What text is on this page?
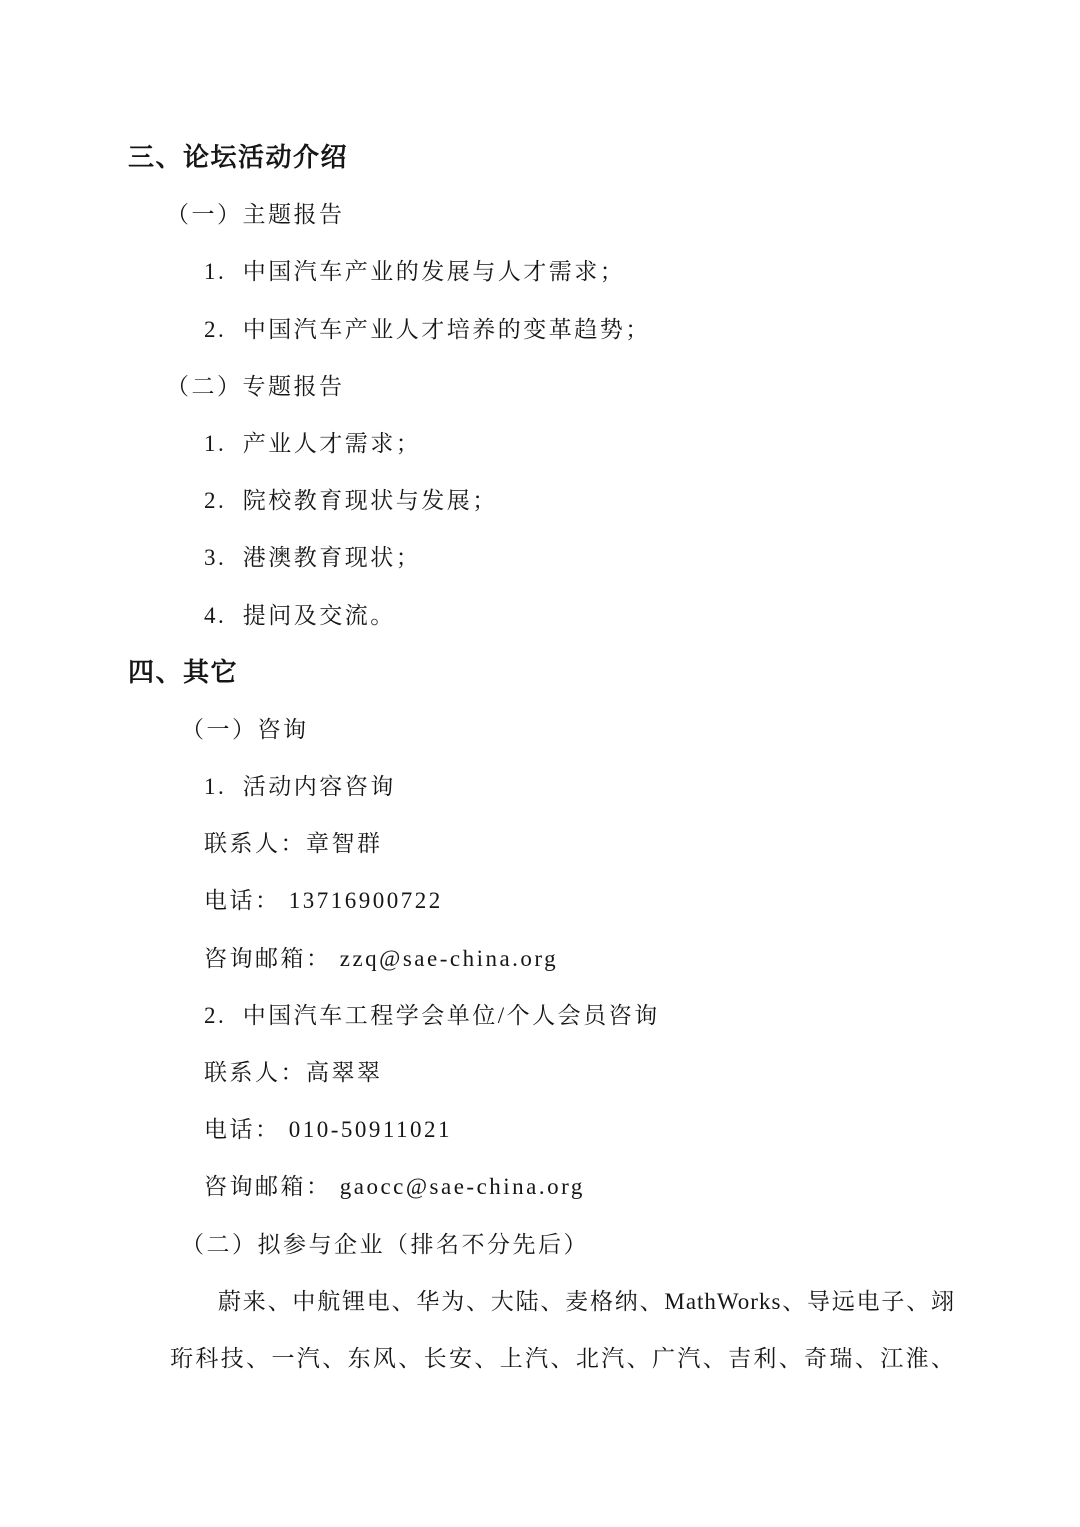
三、论坛活动介绍
（一）主题报告
1.  中国汽车产业的发展与人才需求；
2.  中国汽车产业人才培养的变革趋势；
（二）专题报告
1.  产业人才需求；
2.  院校教育现状与发展；
3.  港澳教育现状；
4.  提问及交流。
四、其它
（一）咨询
1.  活动内容咨询
联系人：章智群
电话： 13716900722
咨询邮箱： zzq@sae-china.org
2.  中国汽车工程学会单位/个人会员咨询
联系人：高翠翠
电话： 010-50911021
咨询邮箱： gaocc@sae-china.org
（二）拟参与企业（排名不分先后）
蔚来、中航锂电、华为、大陆、麦格纳、MathWorks、导远电子、翊
珩科技、一汽、东风、长安、上汽、北汽、广汽、吉利、奇瑞、江淮、
